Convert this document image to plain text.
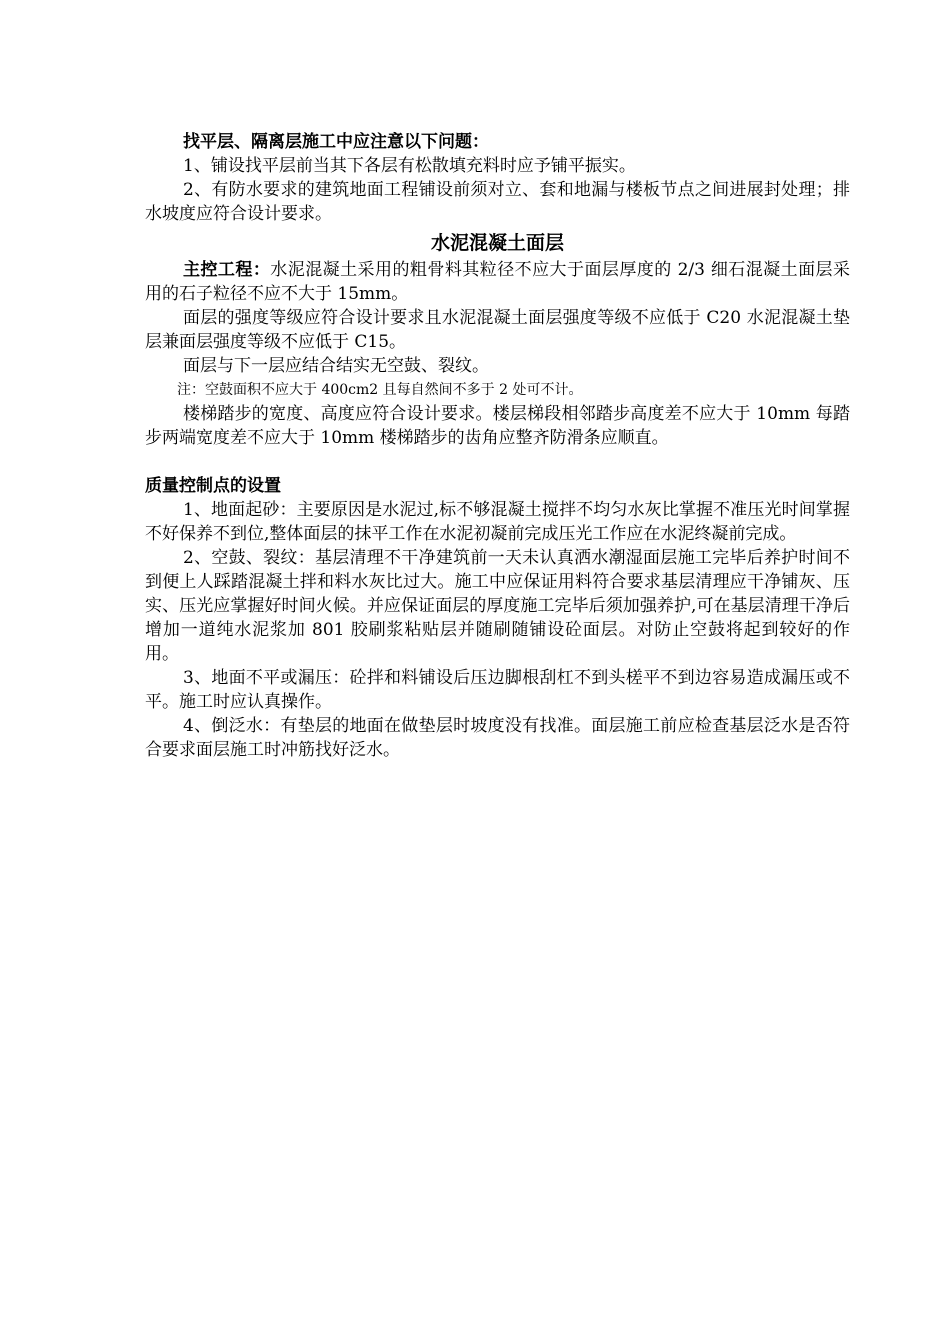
找平层、隔离层施工中应注意以下问题：

1、铺设找平层前当其下各层有松散填充料时应予铺平振实。

2、有防水要求的建筑地面工程铺设前须对立、套和地漏与楼板节点之间进展封处理；排水坡度应符合设计要求。

水泥混凝土面层

主控工程：水泥混凝土采用的粗骨料其粒径不应大于面层厚度的 2/3 细石混凝土面层采用的石子粒径不应不大于 15mm。

面层的强度等级应符合设计要求且水泥混凝土面层强度等级不应低于 C20 水泥混凝土垫层兼面层强度等级不应低于 C15。

面层与下一层应结合结实无空鼓、裂纹。

注：空鼓面积不应大于 400cm2 且每自然间不多于 2 处可不计。

楼梯踏步的宽度、高度应符合设计要求。楼层梯段相邻踏步高度差不应大于 10mm 每踏步两端宽度差不应大于 10mm 楼梯踏步的齿角应整齐防滑条应顺直。

质量控制点的设置

1、地面起砂：主要原因是水泥过,标不够混凝土搅拌不均匀水灰比掌握不准压光时间掌握不好保养不到位,整体面层的抹平工作在水泥初凝前完成压光工作应在水泥终凝前完成。

2、空鼓、裂纹：基层清理不干净建筑前一天未认真洒水潮湿面层施工完毕后养护时间不到便上人踩踏混凝土拌和料水灰比过大。施工中应保证用料符合要求基层清理应干净铺灰、压实、压光应掌握好时间火候。并应保证面层的厚度施工完毕后须加强养护,可在基层清理干净后增加一道纯水泥浆加 801 胶刷浆粘贴层并随刷随铺设砼面层。对防止空鼓将起到较好的作用。

3、地面不平或漏压：砼拌和料铺设后压边脚根刮杠不到头槎平不到边容易造成漏压或不平。施工时应认真操作。

4、倒泛水：有垫层的地面在做垫层时坡度没有找准。面层施工前应检查基层泛水是否符合要求面层施工时冲筋找好泛水。
